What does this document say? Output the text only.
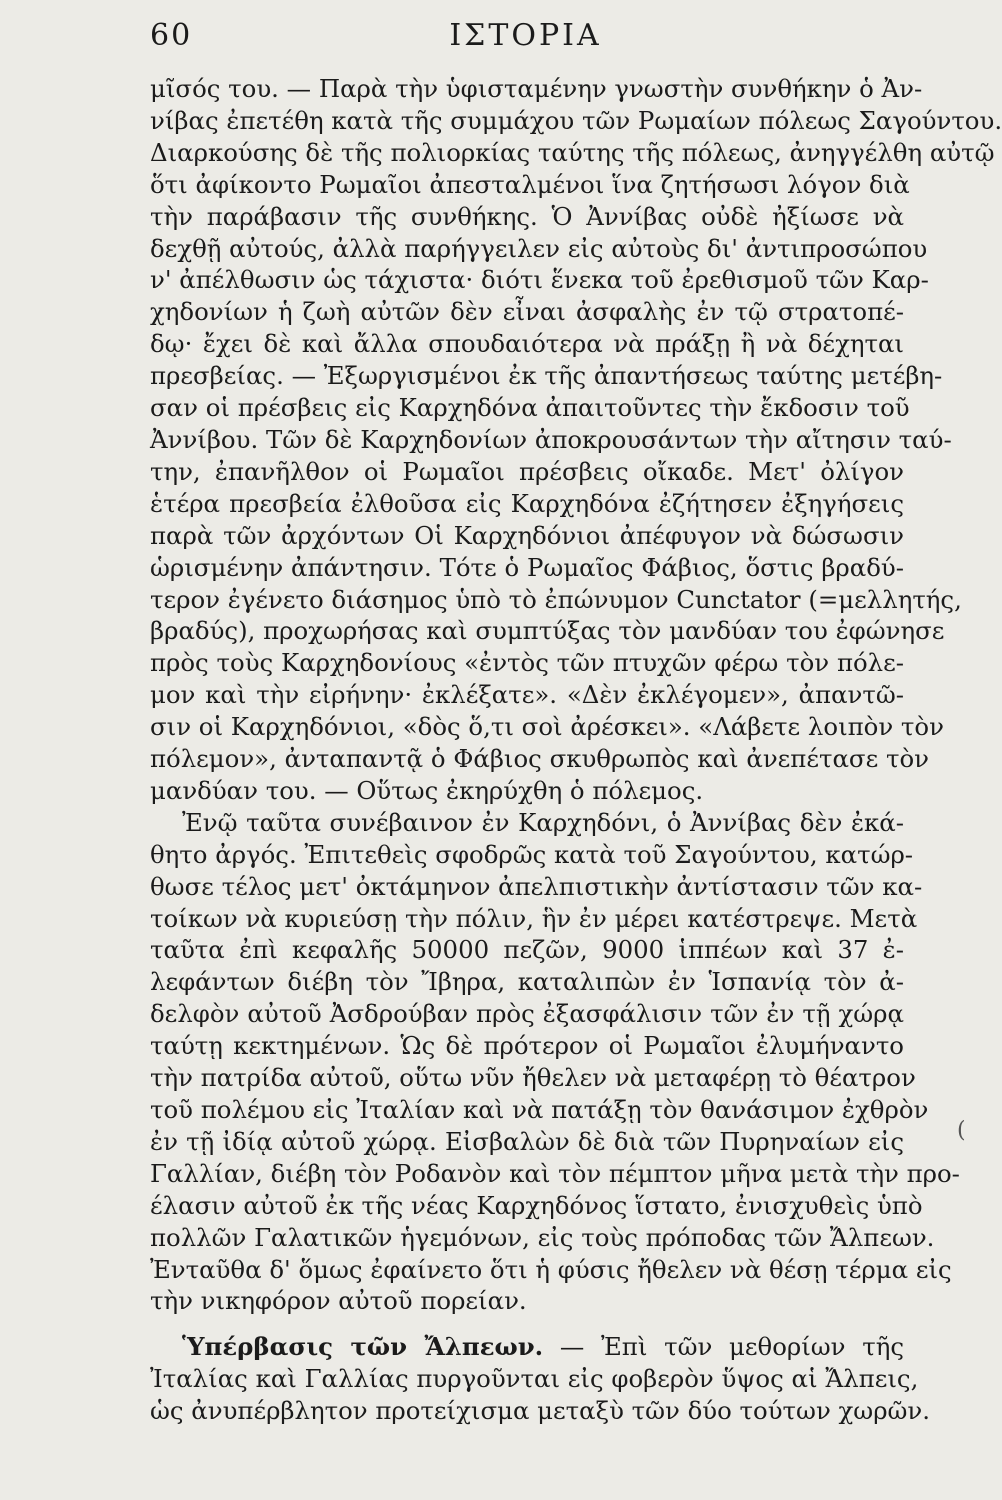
60	ΙΣΤΟΡΙΑ
μῖσός του. — Παρὰ τὴν ὑφισταμένην γνωστὴν συνθήκην ὁ Ἀν-
νίβας ἐπετέθη κατὰ τῆς συμμάχου τῶν Ρωμαίων πόλεως Σαγούντου.
Διαρκούσης δὲ τῆς πολιορκίας ταύτης τῆς πόλεως, ἀνηγγέλθη αὐτῷ
ὅτι ἀφίκοντο Ρωμαῖοι ἀπεσταλμένοι ἵνα ζητήσωσι λόγον διὰ
τὴν παράβασιν τῆς συνθήκης. Ὁ Ἀννίβας οὐδὲ ἠξίωσε νὰ
δεχθῇ αὐτούς, ἀλλὰ παρήγγειλεν εἰς αὐτοὺς δι' ἀντιπροσώπου
ν' ἀπέλθωσιν ὡς τάχιστα· διότι ἕνεκα τοῦ ἐρεθισμοῦ τῶν Καρ-
χηδονίων ἡ ζωὴ αὐτῶν δὲν εἶναι ἀσφαλὴς ἐν τῷ στρατοπέ-
δῳ· ἔχει δὲ καὶ ἄλλα σπουδαιότερα νὰ πράξῃ ἢ νὰ δέχηται
πρεσβείας. — Ἐξωργισμένοι ἐκ τῆς ἀπαντήσεως ταύτης μετέβη-
σαν οἱ πρέσβεις εἰς Καρχηδόνα ἀπαιτοῦντες τὴν ἔκδοσιν τοῦ
Ἀννίβου. Τῶν δὲ Καρχηδονίων ἀποκρουσάντων τὴν αἴτησιν ταύ-
την, ἐπανῆλθον οἱ Ρωμαῖοι πρέσβεις οἴκαδε. Μετ' ὀλίγον
ἑτέρα πρεσβεία ἐλθοῦσα εἰς Καρχηδόνα ἐζήτησεν ἐξηγήσεις
παρὰ τῶν ἀρχόντων Οἱ Καρχηδόνιοι ἀπέφυγον νὰ δώσωσιν
ὡρισμένην ἀπάντησιν. Τότε ὁ Ρωμαῖος Φάβιος, ὅστις βραδύ-
τερον ἐγένετο διάσημος ὑπὸ τὸ ἐπώνυμον Cunctator (=μελλητής,
βραδύς), προχωρήσας καὶ συμπτύξας τὸν μανδύαν του ἐφώνησε
πρὸς τοὺς Καρχηδονίους «ἐντὸς τῶν πτυχῶν φέρω τὸν πόλε-
μον καὶ τὴν εἰρήνην· ἐκλέξατε». «Δὲν ἐκλέγομεν», ἀπαντῶ-
σιν οἱ Καρχηδόνιοι, «δὸς ὅ,τι σοὶ ἀρέσκει». «Λάβετε λοιπὸν τὸν
πόλεμον», ἀνταπαντᾷ ὁ Φάβιος σκυθρωπὸς καὶ ἀνεπέτασε τὸν
μανδύαν του. — Οὕτως ἐκηρύχθη ὁ πόλεμος.
Ἐνῷ ταῦτα συνέβαινον ἐν Καρχηδόνι, ὁ Ἀννίβας δὲν ἐκά-
θητο ἀργός. Ἐπιτεθεὶς σφοδρῶς κατὰ τοῦ Σαγούντου, κατώρ-
θωσε τέλος μετ' ὀκτάμηνον ἀπελπιστικὴν ἀντίστασιν τῶν κα-
τοίκων νὰ κυριεύσῃ τὴν πόλιν, ἣν ἐν μέρει κατέστρεψε. Μετὰ
ταῦτα ἐπὶ κεφαλῆς 50000 πεζῶν, 9000 ἱππέων καὶ 37 ἐ-
λεφάντων διέβη τὸν Ἴβηρα, καταλιπὼν ἐν Ἱσπανίᾳ τὸν ἀ-
δελφὸν αὐτοῦ Ἀσδρούβαν πρὸς ἐξασφάλισιν τῶν ἐν τῇ χώρᾳ
ταύτῃ κεκτημένων. Ὡς δὲ πρότερον οἱ Ρωμαῖοι ἐλυμήναντο
τὴν πατρίδα αὐτοῦ, οὕτω νῦν ἤθελεν νὰ μεταφέρῃ τὸ θέατρον
τοῦ πολέμου εἰς Ἰταλίαν καὶ νὰ πατάξῃ τὸν θανάσιμον ἐχθρὸν
ἐν τῇ ἰδίᾳ αὐτοῦ χώρᾳ. Εἰσβαλὼν δὲ διὰ τῶν Πυρηναίων εἰς
Γαλλίαν, διέβη τὸν Ροδανὸν καὶ τὸν πέμπτον μῆνα μετὰ τὴν προ-
έλασιν αὐτοῦ ἐκ τῆς νέας Καρχηδόνος ἵστατο, ἐνισχυθεὶς ὑπὸ
πολλῶν Γαλατικῶν ἡγεμόνων, εἰς τοὺς πρόποδας τῶν Ἄλπεων.
Ἐνταῦθα δ' ὅμως ἐφαίνετο ὅτι ἡ φύσις ἤθελεν νὰ θέσῃ τέρμα εἰς
τὴν νικηφόρον αὐτοῦ πορείαν.
Ὑπέρβασις τῶν Ἄλπεων. — Ἐπὶ τῶν μεθορίων τῆς
Ἰταλίας καὶ Γαλλίας πυργοῦνται εἰς φοβερὸν ὕψος αἱ Ἄλπεις,
ὡς ἀνυπέρβλητον προτείχισμα μεταξὺ τῶν δύο τούτων χωρῶν.
(
